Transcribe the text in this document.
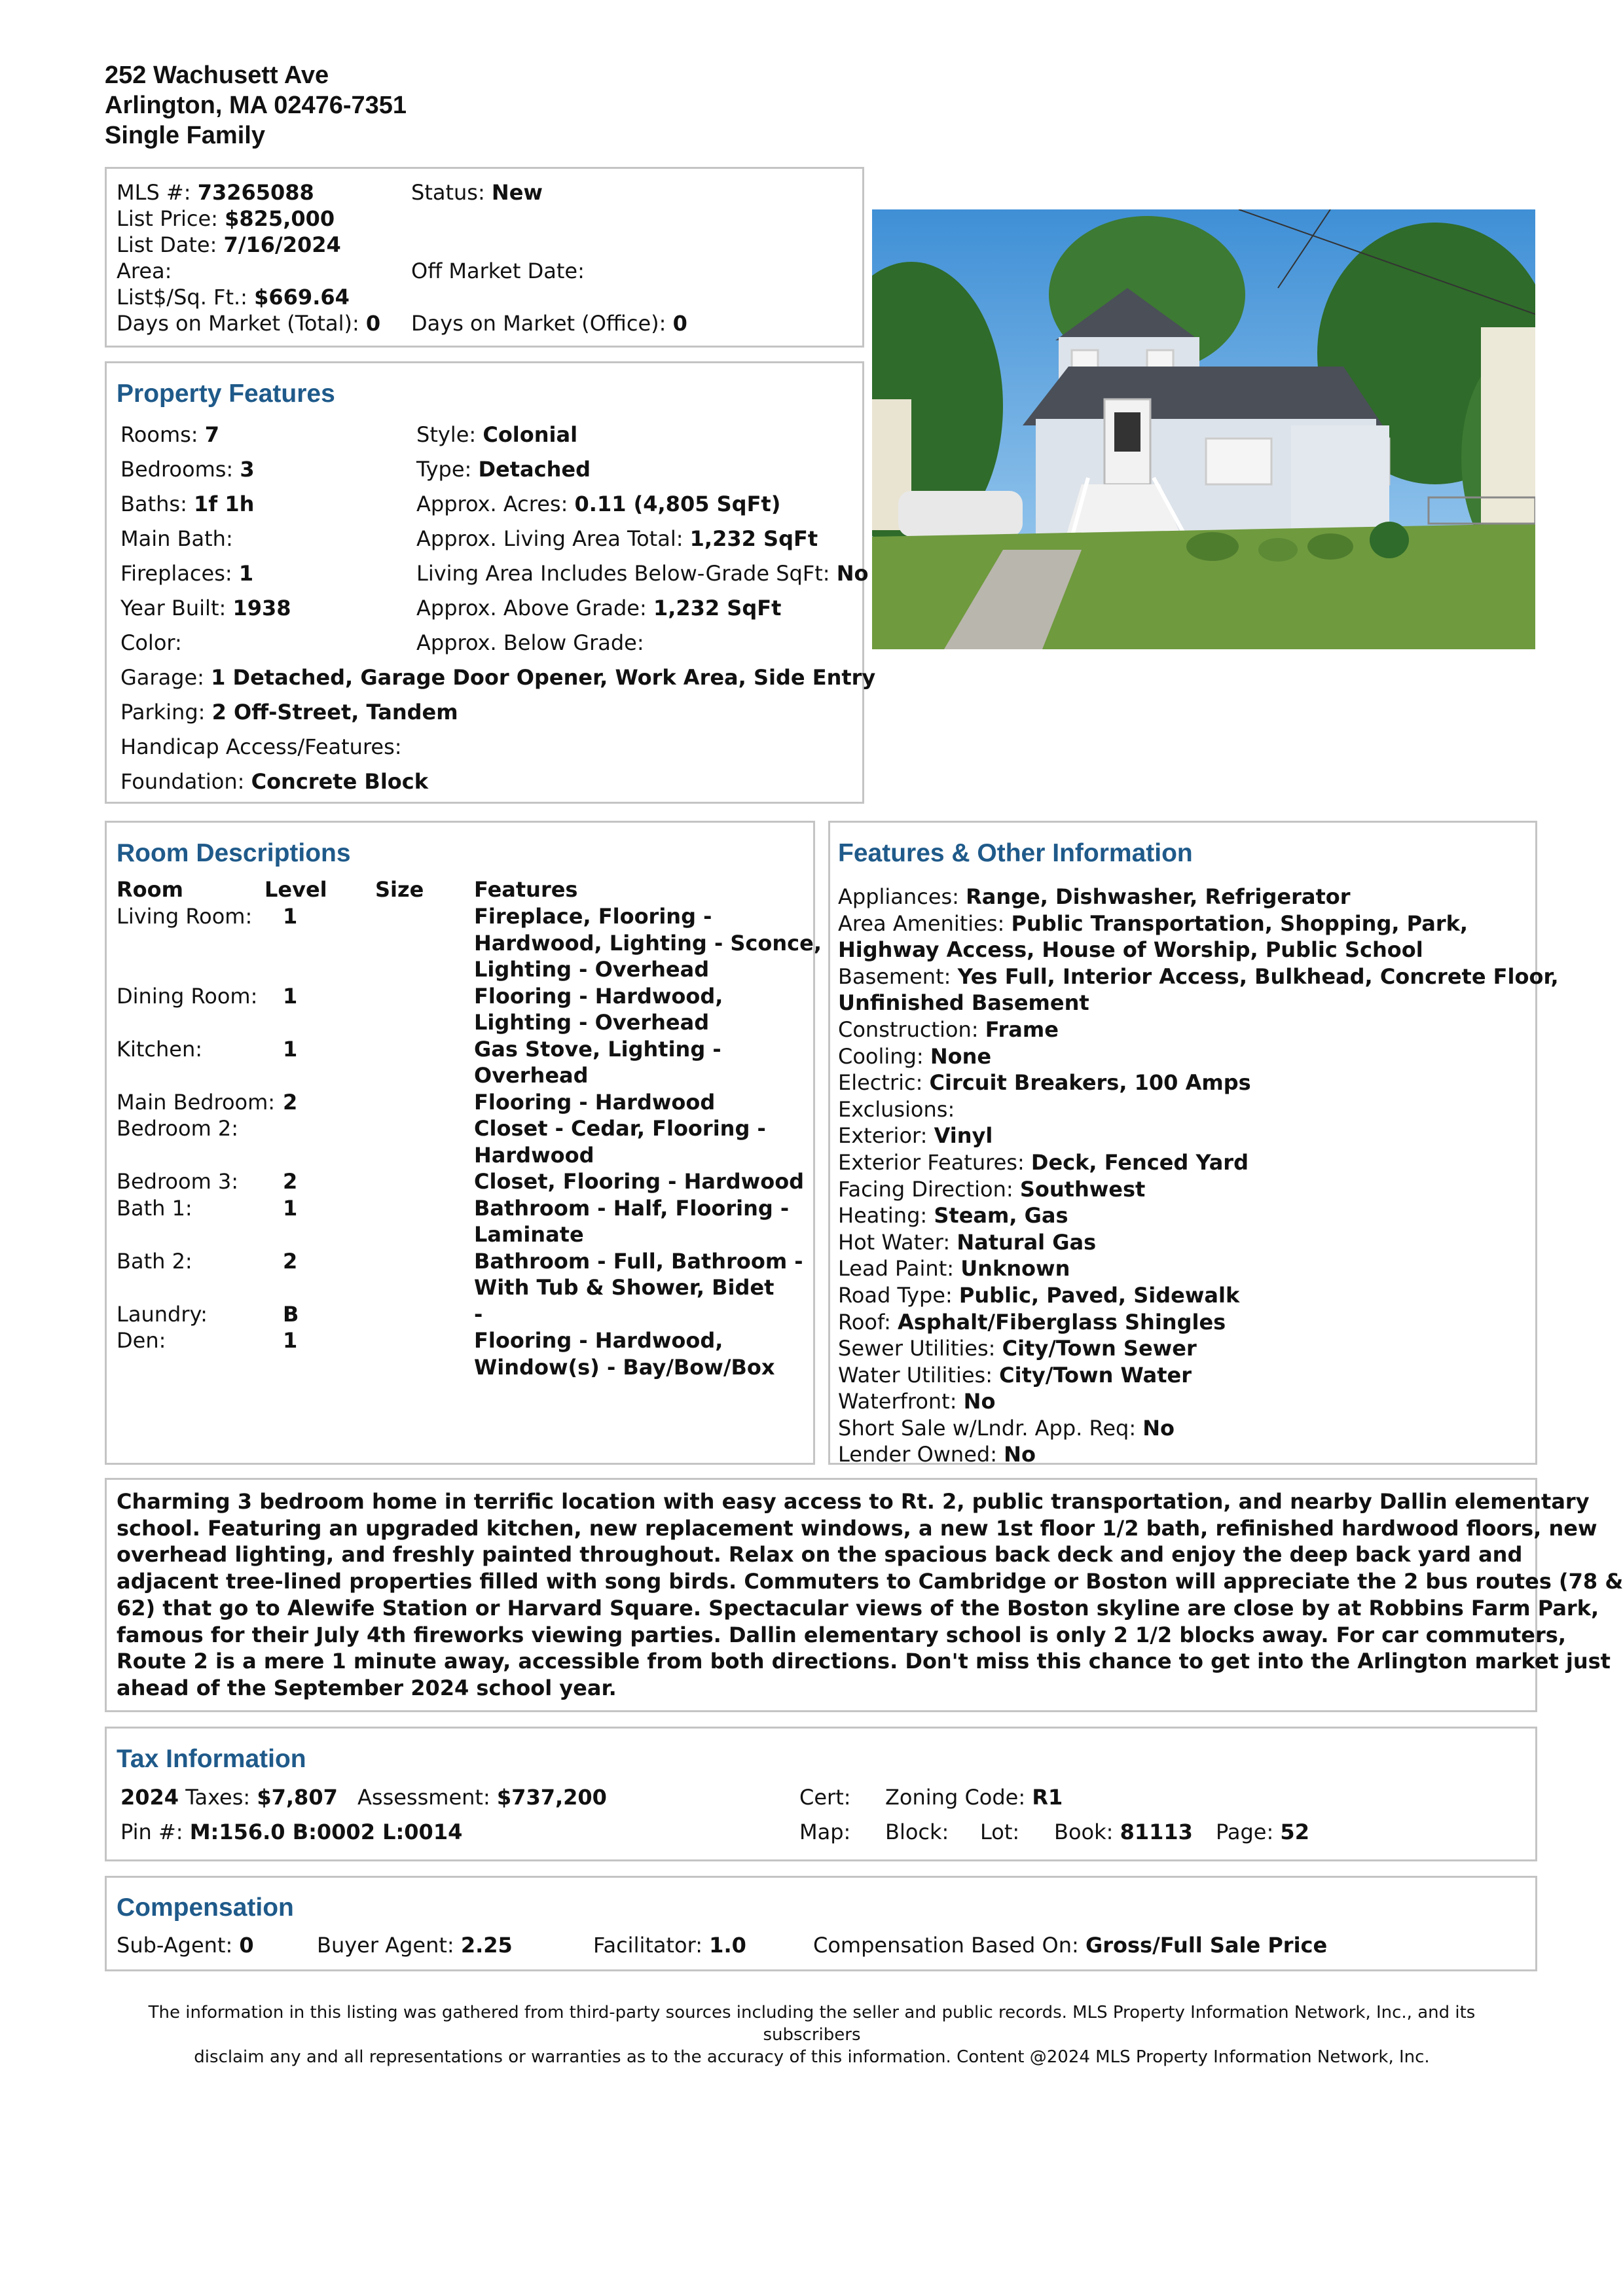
252 Wachusett Ave
Arlington, MA 02476-7351
Single Family
MLS #: 73265088	Status: New
List Price: $825,000
List Date: 7/16/2024
Area:	Off Market Date:
List$/Sq. Ft.: $669.64
Days on Market (Total): 0 Days on Market (Office): 0
Property Features
Rooms: 7	Style: Colonial
Bedrooms: 3	Type: Detached
Baths: 1f 1h	Approx. Acres: 0.11 (4,805 SqFt)
Main Bath:	Approx. Living Area Total: 1,232 SqFt
Fireplaces: 1	Living Area Includes Below-Grade SqFt: No
Year Built: 1938	Approx. Above Grade: 1,232 SqFt
Color:	Approx. Below Grade:
Garage: 1 Detached, Garage Door Opener, Work Area, Side Entry
Parking: 2 Off-Street, Tandem
Handicap Access/Features:
Foundation: Concrete Block
Room Descriptions
Room	Level Size Features
Living Room: 1	Fireplace, Flooring -
Hardwood, Lighting - Sconce,
Lighting - Overhead
Dining Room: 1	Flooring - Hardwood,
Lighting - Overhead
Kitchen:	1	Gas Stove, Lighting -
Overhead
Main Bedroom: 2	Flooring - Hardwood
Bedroom 2:	Closet - Cedar, Flooring -
Hardwood
Bedroom 3: 2	Closet, Flooring - Hardwood
Bath 1:	1	Bathroom - Half, Flooring -
Laminate
Bath 2:	2	Bathroom - Full, Bathroom -
With Tub & Shower, Bidet
Laundry:	B	-
Den:	1	Flooring - Hardwood,
Window(s) - Bay/Bow/Box
Features & Other Information
Appliances: Range, Dishwasher, Refrigerator
Area Amenities: Public Transportation, Shopping, Park,
Highway Access, House of Worship, Public School
Basement: Yes Full, Interior Access, Bulkhead, Concrete Floor,
Unfinished Basement
Construction: Frame
Cooling: None
Electric: Circuit Breakers, 100 Amps
Exclusions:
Exterior: Vinyl
Exterior Features: Deck, Fenced Yard
Facing Direction: Southwest
Heating: Steam, Gas
Hot Water: Natural Gas
Lead Paint: Unknown
Road Type: Public, Paved, Sidewalk
Roof: Asphalt/Fiberglass Shingles
Sewer Utilities: City/Town Sewer
Water Utilities: City/Town Water
Waterfront: No
Short Sale w/Lndr. App. Req: No
Lender Owned: No
Charming 3 bedroom home in terrific location with easy access to Rt. 2, public transportation, and nearby Dallin elementary
school. Featuring an upgraded kitchen, new replacement windows, a new 1st floor 1/2 bath, refinished hardwood floors, new
overhead lighting, and freshly painted throughout. Relax on the spacious back deck and enjoy the deep back yard and
adjacent tree-lined properties filled with song birds. Commuters to Cambridge or Boston will appreciate the 2 bus routes (78 &
62) that go to Alewife Station or Harvard Square. Spectacular views of the Boston skyline are close by at Robbins Farm Park,
famous for their July 4th fireworks viewing parties. Dallin elementary school is only 2 1/2 blocks away. For car commuters,
Route 2 is a mere 1 minute away, accessible from both directions. Don't miss this chance to get into the Arlington market just
ahead of the September 2024 school year.
Tax Information
2024 Taxes: $7,807 Assessment: $737,200	Cert: Zoning Code: R1
Pin #: M:156.0 B:0002 L:0014	Map: Block: Lot: Book: 81113 Page: 52
Compensation
Sub-Agent: 0	Buyer Agent: 2.25	Facilitator: 1.0	Compensation Based On: Gross/Full Sale Price
The information in this listing was gathered from third-party sources including the seller and public records. MLS Property Information Network, Inc., and its subscribers
disclaim any and all representations or warranties as to the accuracy of this information. Content @2024 MLS Property Information Network, Inc.
